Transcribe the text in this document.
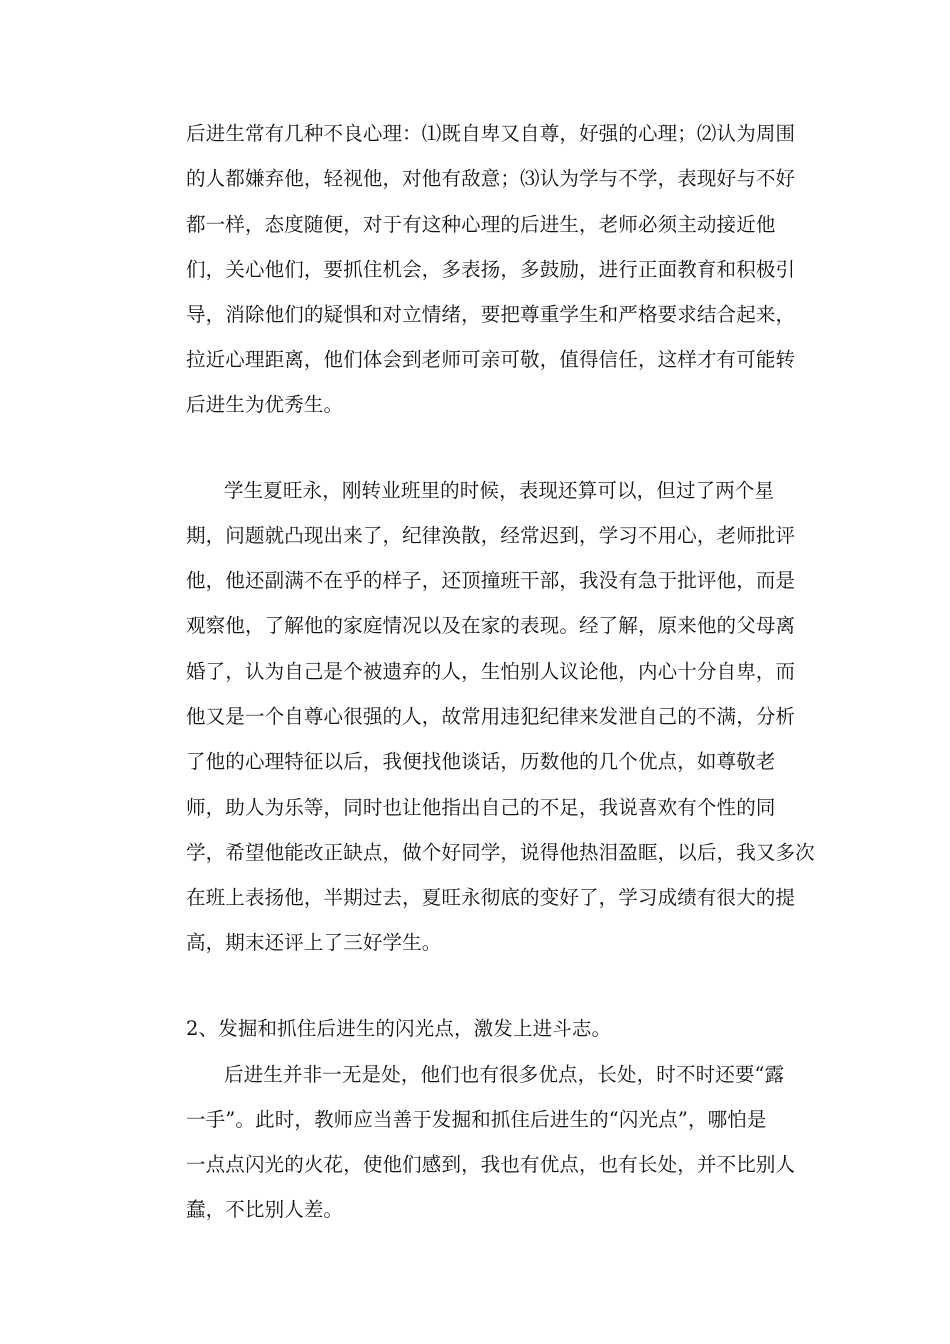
后进生常有几种不良心理：⑴既自卑又自尊，好强的心理；⑵认为周围
的人都嫌弃他，轻视他，对他有敌意；⑶认为学与不学，表现好与不好
都一样，态度随便，对于有这种心理的后进生，老师必须主动接近他
们，关心他们，要抓住机会，多表扬，多鼓励，进行正面教育和积极引
导，消除他们的疑惧和对立情绪，要把尊重学生和严格要求结合起来，
拉近心理距离，他们体会到老师可亲可敬，值得信任，这样才有可能转
后进生为优秀生。
学生夏旺永，刚转业班里的时候，表现还算可以，但过了两个星
期，问题就凸现出来了，纪律涣散，经常迟到，学习不用心，老师批评
他，他还副满不在乎的样子，还顶撞班干部，我没有急于批评他，而是
观察他，了解他的家庭情况以及在家的表现。经了解，原来他的父母离
婚了，认为自己是个被遗弃的人，生怕别人议论他，内心十分自卑，而
他又是一个自尊心很强的人，故常用违犯纪律来发泄自己的不满，分析
了他的心理特征以后，我便找他谈话，历数他的几个优点，如尊敬老
师，助人为乐等，同时也让他指出自己的不足，我说喜欢有个性的同
学，希望他能改正缺点，做个好同学，说得他热泪盈眶，以后，我又多次
在班上表扬他，半期过去，夏旺永彻底的变好了，学习成绩有很大的提
高，期末还评上了三好学生。
2、发掘和抓住后进生的闪光点，激发上进斗志。
后进生并非一无是处，他们也有很多优点，长处，时不时还要“露
一手”。此时，教师应当善于发掘和抓住后进生的“闪光点”，哪怕是
一点点闪光的火花，使他们感到，我也有优点，也有长处，并不比别人
蠢，不比别人差。
